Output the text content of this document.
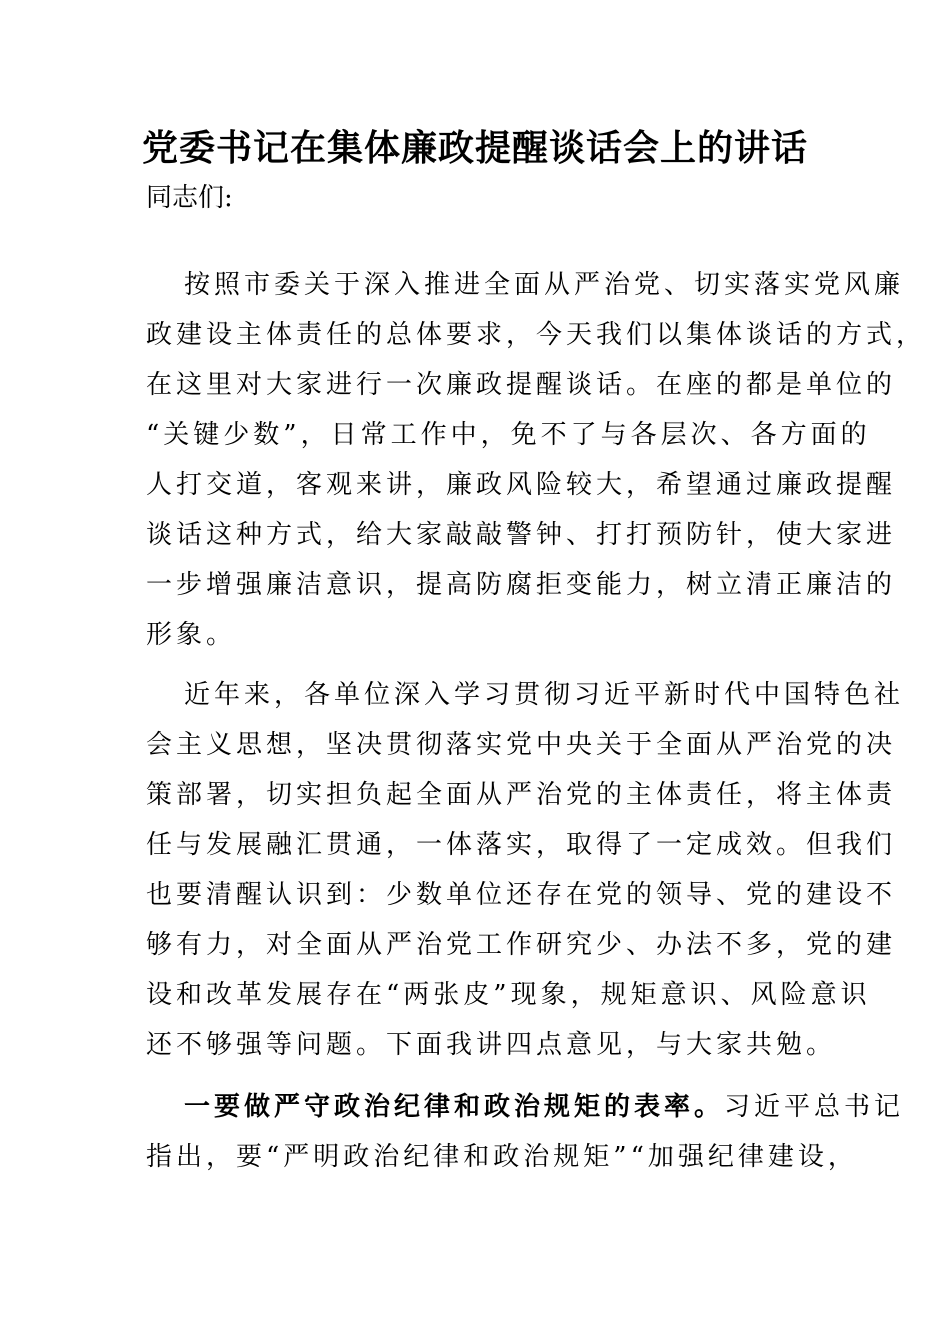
党委书记在集体廉政提醒谈话会上的讲话
同志们:
按照市委关于深入推进全面从严治党、切实落实党风廉
政建设主体责任的总体要求，今天我们以集体谈话的方式，
在这里对大家进行一次廉政提醒谈话。在座的都是单位的
“关键少数”，日常工作中，免不了与各层次、各方面的
人打交道，客观来讲，廉政风险较大，希望通过廉政提醒
谈话这种方式，给大家敲敲警钟、打打预防针，使大家进
一步增强廉洁意识，提高防腐拒变能力，树立清正廉洁的
形象。
近年来，各单位深入学习贯彻习近平新时代中国特色社
会主义思想，坚决贯彻落实党中央关于全面从严治党的决
策部署，切实担负起全面从严治党的主体责任，将主体责
任与发展融汇贯通，一体落实，取得了一定成效。但我们
也要清醒认识到：少数单位还存在党的领导、党的建设不
够有力，对全面从严治党工作研究少、办法不多，党的建
设和改革发展存在“两张皮”现象，规矩意识、风险意识
还不够强等问题。下面我讲四点意见，与大家共勉。
一要做严守政治纪律和政治规矩的表率。习近平总书记
指出，要“严明政治纪律和政治规矩”“加强纪律建设，
